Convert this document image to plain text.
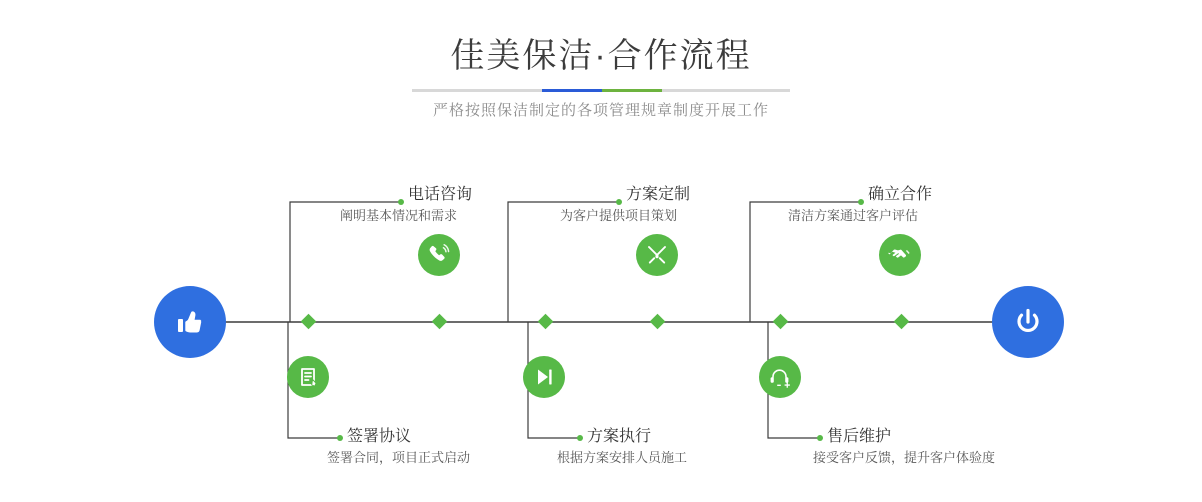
佳美保洁·合作流程

严格按照保洁制定的各项管理规章制度开展工作

电话咨询
阐明基本情况和需求
方案定制
为客户提供项目策划
确立合作
清洁方案通过客户评估
签署协议
签署合同，项目正式启动
方案执行
根据方案安排人员施工
售后维护
接受客户反馈，提升客户体验度
